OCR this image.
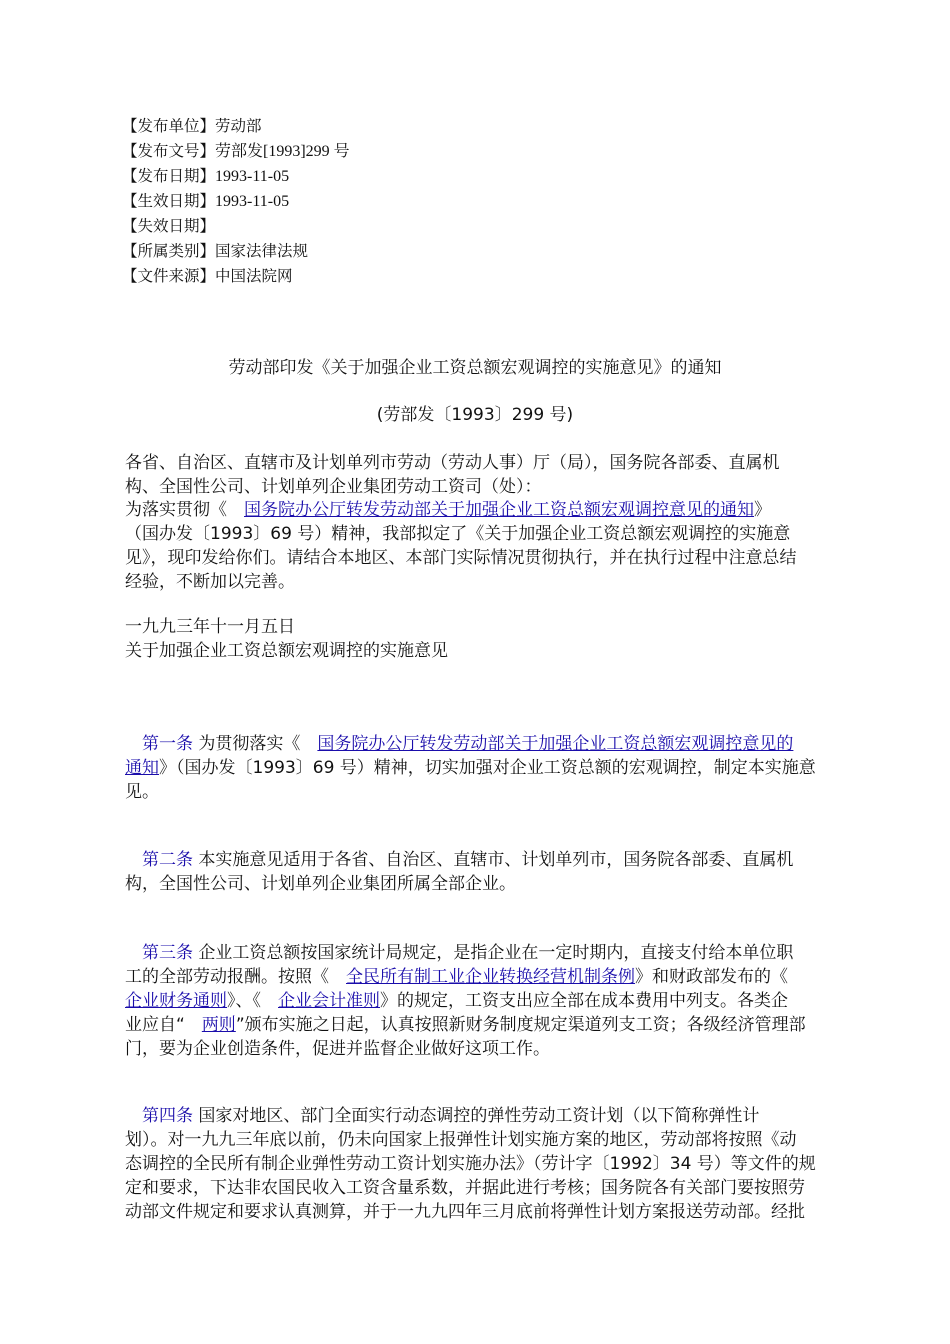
【发布单位】劳动部
【发布文号】劳部发[1993]299 号
【发布日期】1993-11-05
【生效日期】1993-11-05
【失效日期】
【所属类别】国家法律法规
【文件来源】中国法院网
劳动部印发《关于加强企业工资总额宏观调控的实施意见》的通知
(劳部发〔1993〕299 号)
各省、自治区、直辖市及计划单列市劳动（劳动人事）厅（局），国务院各部委、直属机
构、全国性公司、计划单列企业集团劳动工资司（处）：
为落实贯彻《　国务院办公厅转发劳动部关于加强企业工资总额宏观调控意见的通知》
（国办发〔1993〕69 号）精神，我部拟定了《关于加强企业工资总额宏观调控的实施意
见》，现印发给你们。请结合本地区、本部门实际情况贯彻执行，并在执行过程中注意总结
经验，不断加以完善。
一九九三年十一月五日
关于加强企业工资总额宏观调控的实施意见
　第一条 为贯彻落实《　国务院办公厅转发劳动部关于加强企业工资总额宏观调控意见的
通知》（国办发〔1993〕69 号）精神，切实加强对企业工资总额的宏观调控，制定本实施意
见。
　第二条 本实施意见适用于各省、自治区、直辖市、计划单列市，国务院各部委、直属机
构，全国性公司、计划单列企业集团所属全部企业。
　第三条 企业工资总额按国家统计局规定，是指企业在一定时期内，直接支付给本单位职
工的全部劳动报酬。按照《　全民所有制工业企业转换经营机制条例》和财政部发布的《
企业财务通则》、《　企业会计准则》的规定，工资支出应全部在成本费用中列支。各类企
业应自“　两则”颁布实施之日起，认真按照新财务制度规定渠道列支工资；各级经济管理部
门，要为企业创造条件，促进并监督企业做好这项工作。
　第四条 国家对地区、部门全面实行动态调控的弹性劳动工资计划（以下简称弹性计
划）。对一九九三年底以前，仍未向国家上报弹性计划实施方案的地区，劳动部将按照《动
态调控的全民所有制企业弹性劳动工资计划实施办法》（劳计字〔1992〕34 号）等文件的规
定和要求，下达非农国民收入工资含量系数，并据此进行考核；国务院各有关部门要按照劳
动部文件规定和要求认真测算，并于一九九四年三月底前将弹性计划方案报送劳动部。经批
